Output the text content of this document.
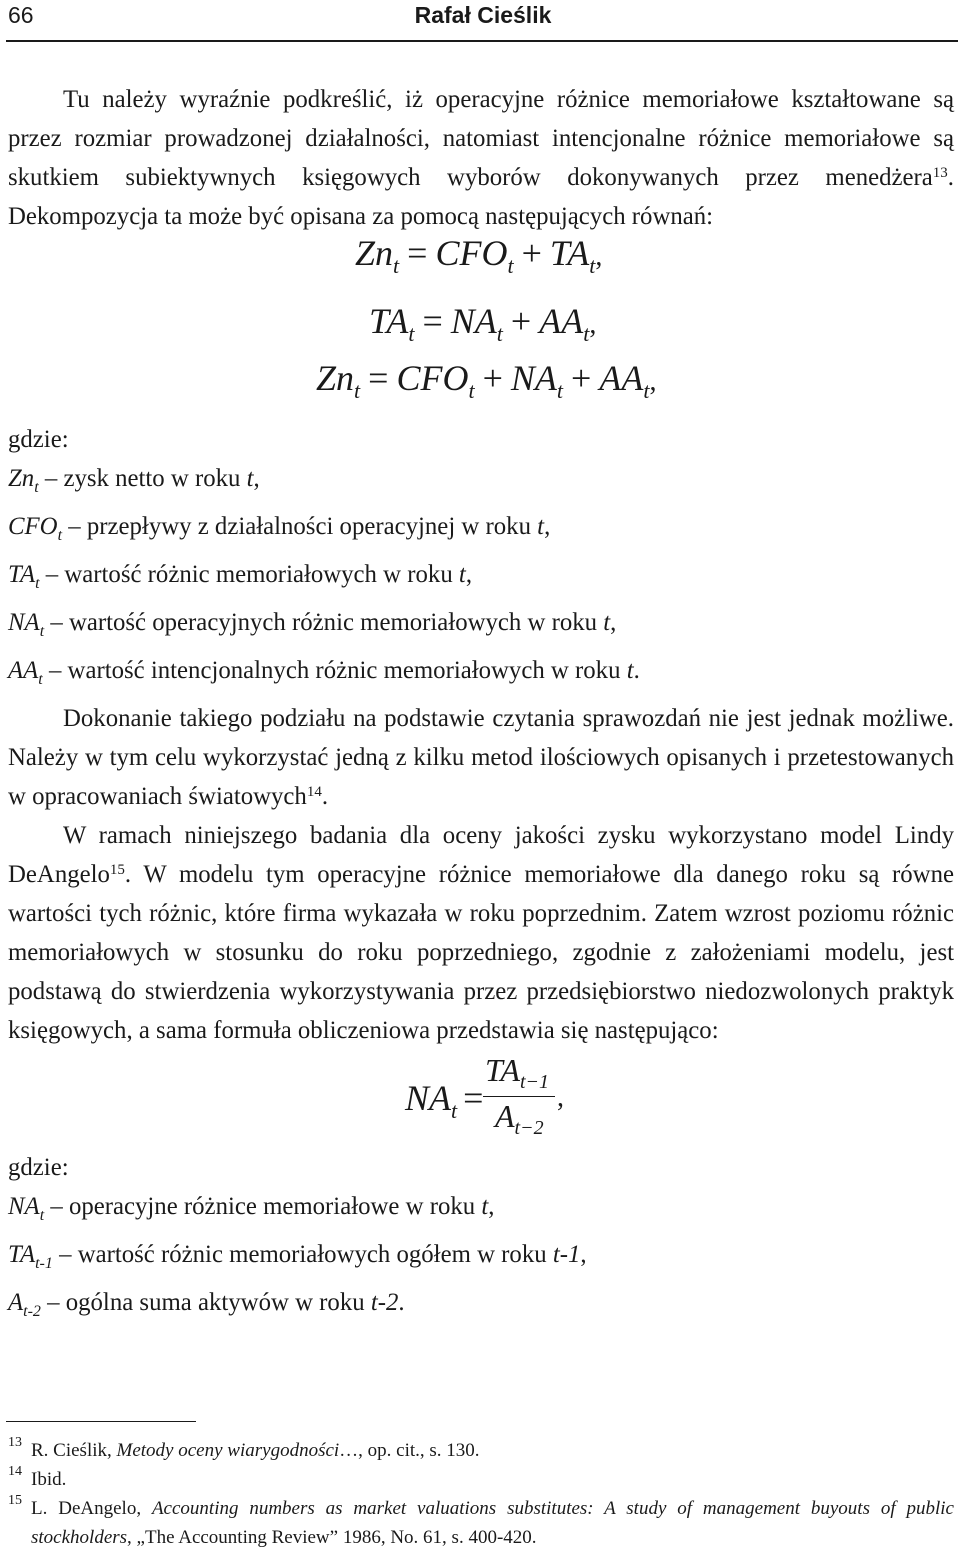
66	Rafał Cieślik

Tu należy wyraźnie podkreślić, iż operacyjne różnice memoriałowe kształtowane są przez rozmiar prowadzonej działalności, natomiast intencjonalne różnice memoriałowe są skutkiem subiektywnych księgowych wyborów dokonywanych przez menedżera$^{13}$. Dekompozycja ta może być opisana za pomocą następujących równań:

$Zn_t = CFO_t + TA_t$,
$TA_t = NA_t + AA_t$,
$Zn_t = CFO_t + NA_t + AA_t$,

gdzie:

$Zn_t$ – zysk netto w roku t,

$CFO_t$ – przepływy z działalności operacyjnej w roku t,

$TA_t$ – wartość różnic memoriałowych w roku t,

$NA_t$ – wartość operacyjnych różnic memoriałowych w roku t,

$AA_t$ – wartość intencjonalnych różnic memoriałowych w roku t.

Dokonanie takiego podziału na podstawie czytania sprawozdań nie jest jednak możliwe. Należy w tym celu wykorzystać jedną z kilku metod ilościowych opisanych i przetestowanych w opracowaniach światowych$^{14}$.

W ramach niniejszego badania dla oceny jakości zysku wykorzystano model Lindy DeAngelo$^{15}$. W modelu tym operacyjne różnice memoriałowe dla danego roku są równe wartości tych różnic, które firma wykazała w roku poprzednim. Zatem wzrost poziomu różnic memoriałowych w stosunku do roku poprzedniego, zgodnie z założeniami modelu, jest podstawą do stwierdzenia wykorzystywania przez przedsiębiorstwo niedozwolonych praktyk księgowych, a sama formuła obliczeniowa przedstawia się następująco:

$NA_t$ =
$TA_{t-1}$
$A_{t-2}$
,

gdzie:

$NA_t$ – operacyjne różnice memoriałowe w roku t,

$TA_{t-1}$ – wartość różnic memoriałowych ogółem w roku t-1,

$A_{t-2}$ – ogólna suma aktywów w roku t-2.

13 R. Cieślik, Metody oceny wiarygodności…, op. cit., s. 130.
14 Ibid.
15 L. DeAngelo, Accounting numbers as market valuations substitutes: A study of management buyouts of public stockholders, „The Accounting Review” 1986, No. 61, s. 400-420.
